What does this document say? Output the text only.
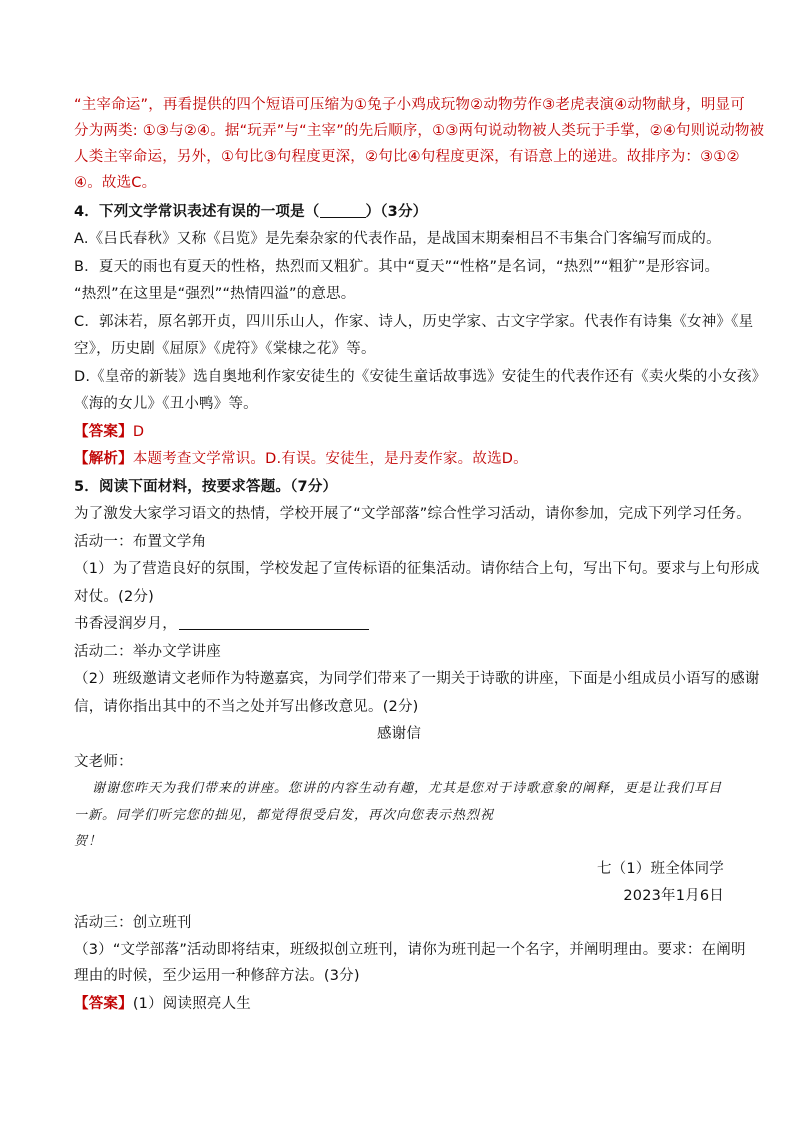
“主宰命运”，再看提供的四个短语可压缩为①兔子小鸡成玩物②动物劳作③老虎表演④动物献身，明显可
分为两类: ①③与②④。据“玩弄”与“主宰”的先后顺序，①③两句说动物被人类玩于手掌，②④句则说动物被
人类主宰命运，另外，①句比③句程度更深，②句比④句程度更深，有语意上的递进。故排序为：③①②
④。故选C。
4．下列文学常识表述有误的一项是（	）（3分）
A.《吕氏春秋》又称《吕览》是先秦杂家的代表作品，是战国末期秦相吕不韦集合门客编写而成的。
B．夏天的雨也有夏天的性格，热烈而又粗犷。其中“夏天”“性格”是名词，“热烈”“粗犷”是形容词。
“热烈”在这里是“强烈”“热情四溢”的意思。
C．郭沫若，原名郭开贞，四川乐山人，作家、诗人，历史学家、古文字学家。代表作有诗集《女神》《星
空》，历史剧《屈原》《虎符》《棠棣之花》等。
D.《皇帝的新装》选自奥地利作家安徒生的《安徒生童话故事选》安徒生的代表作还有《卖火柴的小女孩》
《海的女儿》《丑小鸭》等。
【答案】D
【解析】本题考查文学常识。D.有误。安徒生，是丹麦作家。故选D。
5．阅读下面材料，按要求答题。（7分）
为了激发大家学习语文的热情，学校开展了“文学部落”综合性学习活动，请你参加，完成下列学习任务。
活动一：布置文学角
（1）为了营造良好的氛围，学校发起了宣传标语的征集活动。请你结合上句，写出下句。要求与上句形成
对仗。(2分)
书香浸润岁月，
活动二：举办文学讲座
（2）班级邀请文老师作为特邀嘉宾，为同学们带来了一期关于诗歌的讲座，下面是小组成员小语写的感谢
信，请你指出其中的不当之处并写出修改意见。(2分)
感谢信
文老师：
谢谢您昨天为我们带来的讲座。您讲的内容生动有趣，尤其是您对于诗歌意象的阐释，更是让我们耳目
一新。同学们听完您的拙见，都觉得很受启发，再次向您表示热烈祝
贺！
七（1）班全体同学
2023年1月6日
活动三：创立班刊
（3）“文学部落”活动即将结束，班级拟创立班刊，请你为班刊起一个名字，并阐明理由。要求：在阐明
理由的时候，至少运用一种修辞方法。(3分)
【答案】(1）阅读照亮人生
